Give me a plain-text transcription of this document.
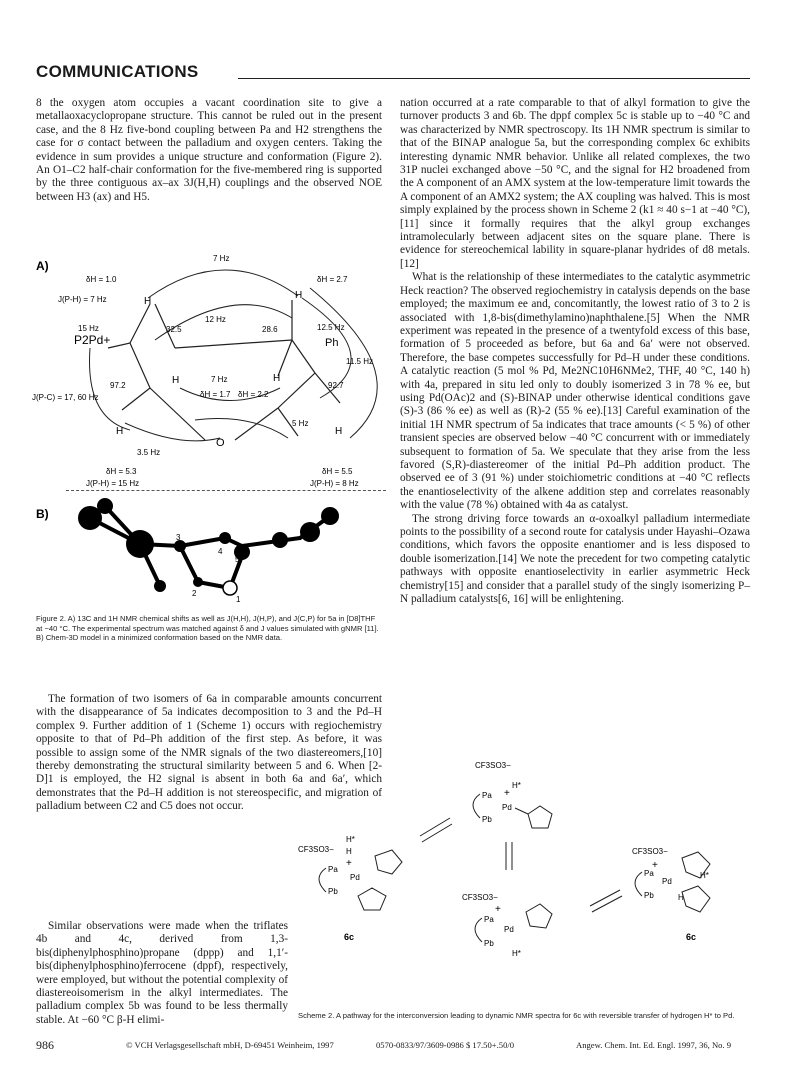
COMMUNICATIONS

8 the oxygen atom occupies a vacant coordination site to give a metallaoxacyclopropane structure. This cannot be ruled out in the present case, and the 8 Hz five-bond coupling between Pa and H2 strengthens the case for σ contact between the palladium and oxygen centers. Taking the evidence in sum provides a unique structure and conformation (Figure 2). An O1–C2 half-chair conformation for the five-membered ring is supported by the three contiguous ax–ax 3J(H,H) couplings and the observed NOE between H3 (ax) and H5.

A)
7 Hz
H
H
H	H
H	H
O
P2Pd+	Ph
32.5	28.6
97.2	92.7
12 Hz
15 Hz	12.5 Hz
11.5 Hz
7 Hz
3.5 Hz
5 Hz
δH = 1.0	δH = 2.7
δH = 1.7 δH = 2.2
δH = 5.3	δH = 5.5
J(P-H) = 7 Hz
J(P-C) = 17, 60 Hz
J(P-H) = 15 Hz	J(P-H) = 8 Hz
B)
3
4
5
2
1
Figure 2. A) 13C and 1H NMR chemical shifts as well as J(H,H), J(H,P), and J(C,P) for 5a in [D8]THF at −40 °C. The experimental spectrum was matched against δ and J values simulated with gNMR [11]. B) Chem-3D model in a minimized conformation based on the NMR data.

The formation of two isomers of 6a in comparable amounts concurrent with the disappearance of 5a indicates decomposition to 3 and the Pd–H complex 9. Further addition of 1 (Scheme 1) occurs with regiochemistry opposite to that of Pd–Ph addition of the first step. As before, it was possible to assign some of the NMR signals of the two diastereomers,[10] thereby demonstrating the structural similarity between 5 and 6. When [2-D]1 is employed, the H2 signal is absent in both 6a and 6a′, which demonstrates that the Pd–H addition is not stereospecific, and migration of palladium between C2 and C5 does not occur.

nation occurred at a rate comparable to that of alkyl formation to give the turnover products 3 and 6b. The dppf complex 5c is stable up to −40 °C and was characterized by NMR spectroscopy. Its 1H NMR spectrum is similar to that of the BINAP analogue 5a, but the corresponding complex 6c exhibits interesting dynamic NMR behavior. Unlike all related complexes, the two 31P nuclei exchanged above −50 °C, and the signal for H2 broadened from the A component of an AMX system at the low-temperature limit towards the A component of an AMX2 system; the AX coupling was halved. This is most simply explained by the process shown in Scheme 2 (k1 ≈ 40 s−1 at −40 °C),[11] since it formally requires that the alkyl group exchanges intramolecularly between adjacent sites on the square plane. There is evidence for stereochemical lability in square-planar hydrides of d8 metals.[12]

What is the relationship of these intermediates to the catalytic asymmetric Heck reaction? The observed regiochemistry in catalysis depends on the base employed; the maximum ee and, concomitantly, the lowest ratio of 3 to 2 is associated with 1,8-bis(dimethylamino)naphthalene.[5] When the NMR experiment was repeated in the presence of a twentyfold excess of this base, formation of 5 proceeded as before, but 6a and 6a′ were not observed. Therefore, the base competes successfully for Pd–H under these conditions. A catalytic reaction (5 mol % Pd, Me2NC10H6NMe2, THF, 40 °C, 140 h) with 4a, prepared in situ led only to doubly isomerized 3 in 78 % ee, but using Pd(OAc)2 and (S)-BINAP under otherwise identical conditions gave (S)-3 (86 % ee) as well as (R)-2 (55 % ee).[13] Careful examination of the initial 1H NMR spectrum of 5a indicates that trace amounts (< 5 %) of other transient species are observed below −40 °C concurrent with or immediately subsequent to formation of 5a. We speculate that they arise from the less favored (S,R)-diastereomer of the initial Pd–Ph addition product. The observed ee of 3 (91 %) under stoichiometric conditions at −40 °C reflects the enantioselectivity of the alkene addition step and correlates reasonably with the value (78 %) obtained with 4a as catalyst.

The strong driving force towards an α-oxoalkyl palladium intermediate points to the possibility of a second route for catalysis under Hayashi–Ozawa conditions, which favors the opposite enantiomer and is less disposed to double isomerization.[14] We note the precedent for two competing catalytic pathways with opposite enantioselectivity in earlier asymmetric Heck chemistry[15] and consider that a parallel study of the singly isomerizing P–N palladium catalysts[6, 16] will be enlightening.

CF3SO3−
Pa
Pb
Pd
+
H*
CF3SO3−
H*
H
+
Pa
Pb
Pd
6c
CF3SO3−
+
Pa
Pb
Pd
H*
H
6c
CF3SO3−
+
Pa
Pb
Pd
H*

Similar observations were made when the triflates 4b and 4c, derived from 1,3-bis(diphenylphosphino)propane (dppp) and 1,1′-bis(diphenylphosphino)ferrocene (dppf), respectively, were employed, but without the potential complexity of diastereoisomerism in the alkyl intermediates. The palladium complex 5b was found to be less thermally stable. At −60 °C β-H elimi-	Scheme 2. A pathway for the interconversion leading to dynamic NMR spectra for 6c with reversible transfer of hydrogen H* to Pd.
986	© VCH Verlagsgesellschaft mbH, D-69451 Weinheim, 1997	0570-0833/97/3609-0986 $ 17.50+.50/0	Angew. Chem. Int. Ed. Engl. 1997, 36, No. 9
